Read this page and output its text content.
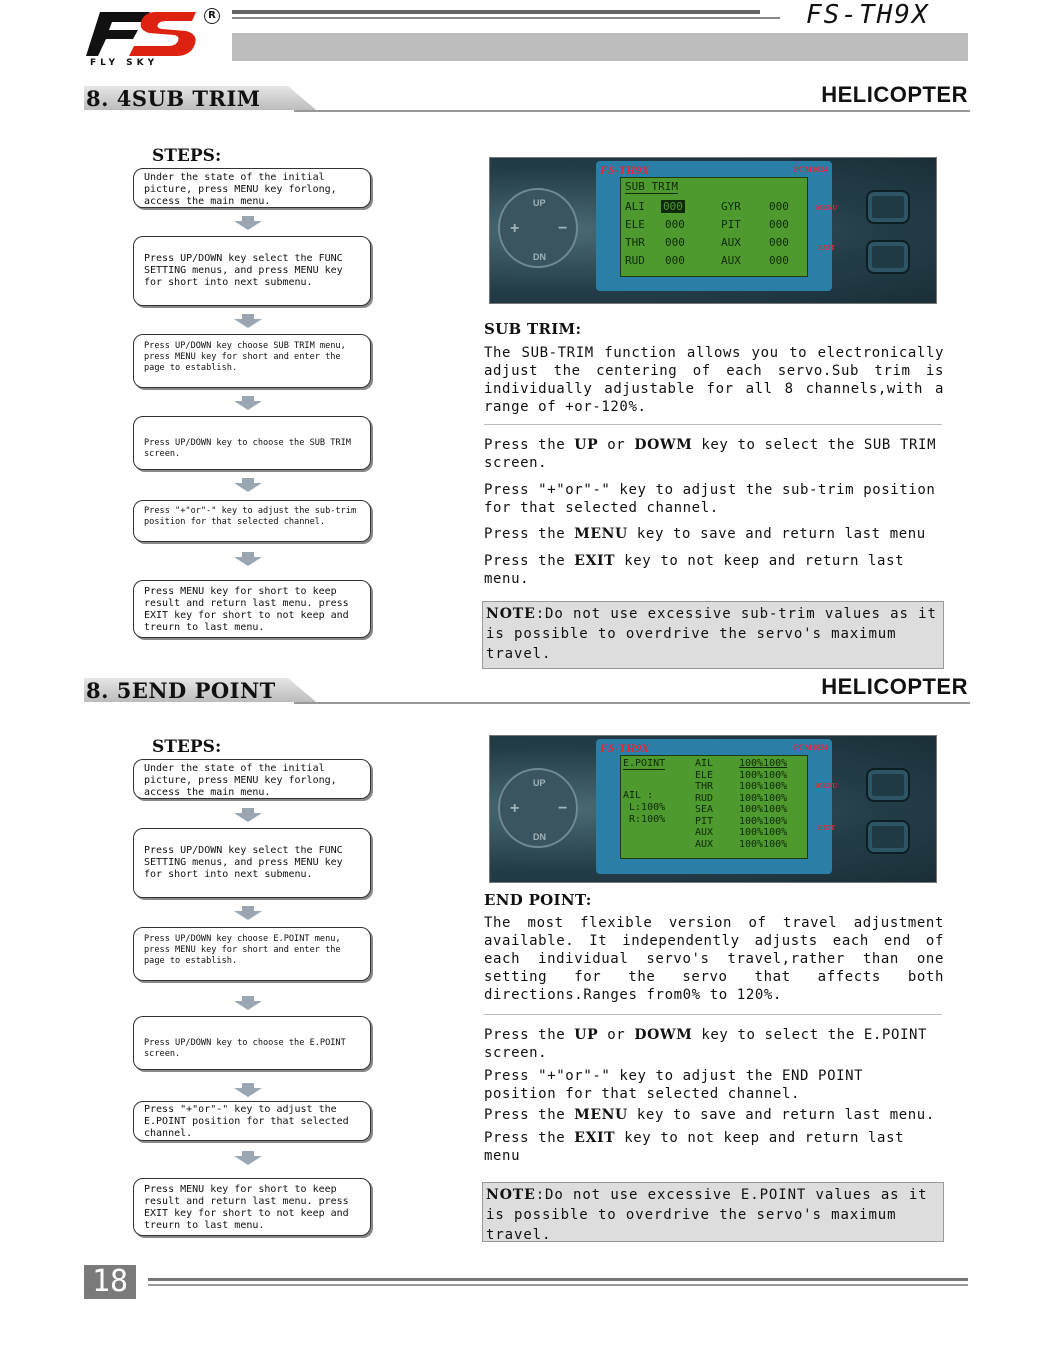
FLY SKY
R	FS-TH9X
8. 4SUB TRIM	HELICOPTER
STEPS:
Under the state of the initial picture, press MENU key forlong, access the main menu.
Press UP/DOWN key select the FUNC SETTING menus, and press MENU key for short into next submenu.
Press UP/DOWN key choose SUB TRIM menu, press MENU key for short and enter the page to establish.
Press UP/DOWN key to choose the SUB TRIM screen.
Press "+"or"-" key to adjust the sub-trim position for that selected channel.
Press MENU key for short to keep result and return last menu. press EXIT key for short to not keep and treurn to last menu.
UP
DN
+ −
FS-TH9X	PCM1024
SUB TRIM
ALI 000	GYR	000
ELE 000	PIT	000
THR 000	AUX	000
RUD 000	AUX	000
MENU
EXIT
SUB TRIM:
The SUB-TRIM function allows you to electronically adjust the centering of each servo.Sub trim is individually adjustable for all 8 channels,with a range of +or-120%.
Press the UP or DOWM key to select the SUB TRIM screen.
Press "+"or"-" key to adjust the sub-trim position for that selected channel.
Press the MENU key to save and return last menu
Press the EXIT key to not keep and return last menu.
NOTE:Do not use excessive sub-trim values as it is possible to overdrive the servo's maximum travel.
8. 5END POINT	HELICOPTER
STEPS:
Under the state of the initial picture, press MENU key forlong, access the main menu.
Press UP/DOWN key select the FUNC SETTING menus, and press MENU key for short into next submenu.
Press UP/DOWN key choose E.POINT menu, press MENU key for short and enter the page to establish.
Press UP/DOWN key to choose the E.POINT screen.
Press "+"or"-" key to adjust the E.POINT position for that selected channel.
Press MENU key for short to keep result and return last menu. press EXIT key for short to not keep and treurn to last menu.
UP
DN
+ −
FS-TH9X	PCM1024
E.POINT
AIL :
L:100%
R:100%
AIL	100%100%
ELE	100%100%
THR	100%100%
RUD	100%100%
SEA	100%100%
PIT	100%100%
AUX	100%100%
AUX	100%100%
MENU
EXIT
END POINT:
The most flexible version of travel adjustment available. It independently adjusts each end of each individual servo's travel,rather than one setting for the servo that affects both directions.Ranges from0% to 120%.
Press the UP or DOWM key to select the E.POINT screen.
Press "+"or"-" key to adjust the END POINT position for that selected channel.
Press the MENU key to save and return last menu.
Press the EXIT key to not keep and return last menu
NOTE:Do not use excessive E.POINT values as it is possible to overdrive the servo's maximum travel.
18
